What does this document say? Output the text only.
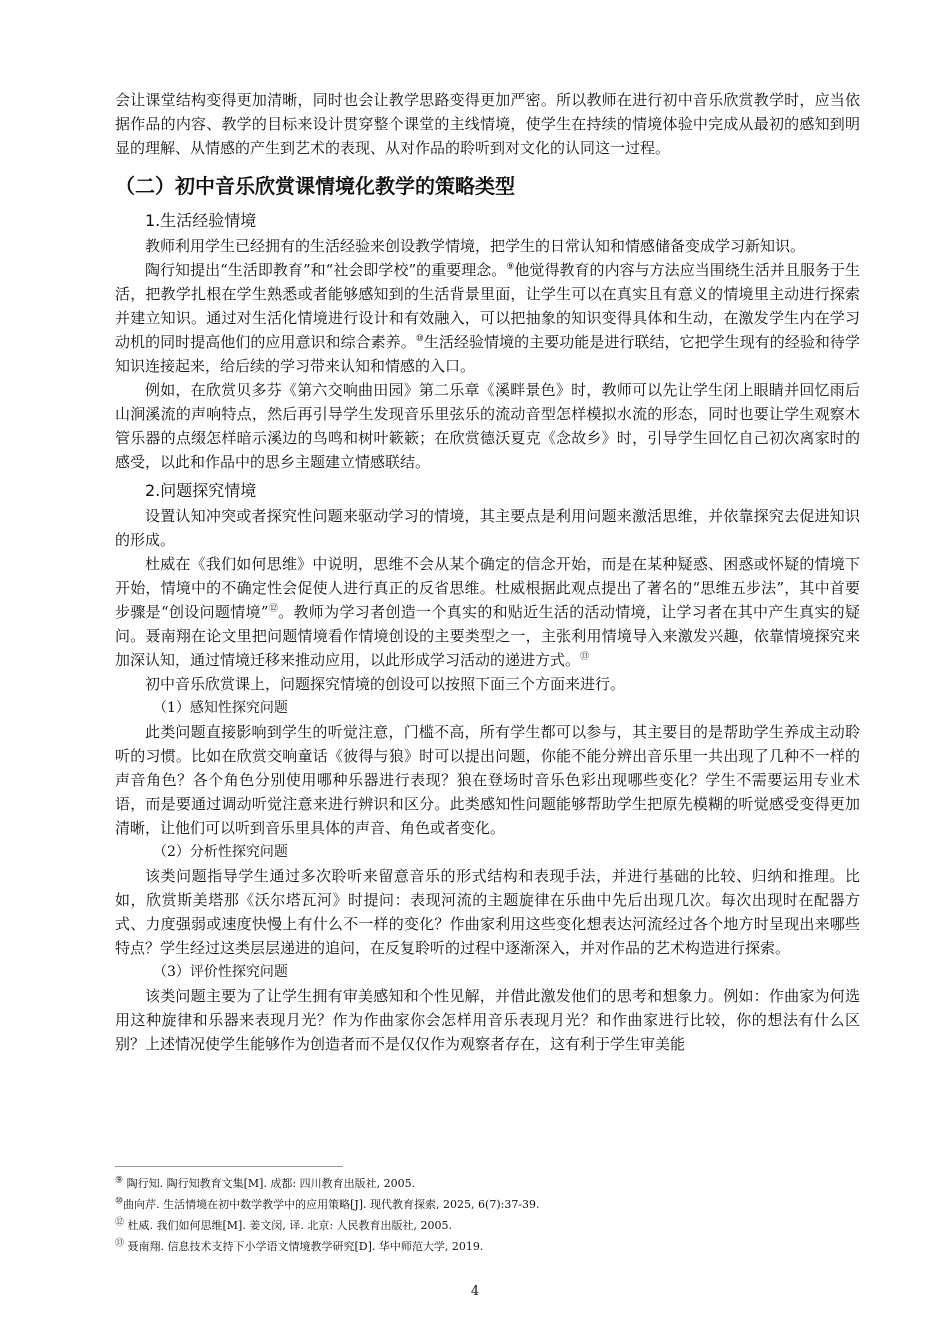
会让课堂结构变得更加清晰，同时也会让教学思路变得更加严密。所以教师在进行初中音乐欣赏教学时，应当依据作品的内容、教学的目标来设计贯穿整个课堂的主线情境，使学生在持续的情境体验中完成从最初的感知到明显的理解、从情感的产生到艺术的表现、从对作品的聆听到对文化的认同这一过程。

（二）初中音乐欣赏课情境化教学的策略类型
1.生活经验情境

教师利用学生已经拥有的生活经验来创设教学情境，把学生的日常认知和情感储备变成学习新知识。

陶行知提出“生活即教育”和“社会即学校”的重要理念。⑨他觉得教育的内容与方法应当围绕生活并且服务于生活，把教学扎根在学生熟悉或者能够感知到的生活背景里面，让学生可以在真实且有意义的情境里主动进行探索并建立知识。通过对生活化情境进行设计和有效融入，可以把抽象的知识变得具体和生动，在激发学生内在学习动机的同时提高他们的应用意识和综合素养。⑩生活经验情境的主要功能是进行联结，它把学生现有的经验和待学知识连接起来，给后续的学习带来认知和情感的入口。

例如，在欣赏贝多芬《第六交响曲田园》第二乐章《溪畔景色》时，教师可以先让学生闭上眼睛并回忆雨后山涧溪流的声响特点，然后再引导学生发现音乐里弦乐的流动音型怎样模拟水流的形态，同时也要让学生观察木管乐器的点缀怎样暗示溪边的鸟鸣和树叶簌簌；在欣赏德沃夏克《念故乡》时，引导学生回忆自己初次离家时的感受，以此和作品中的思乡主题建立情感联结。

2.问题探究情境

设置认知冲突或者探究性问题来驱动学习的情境，其主要点是利用问题来激活思维，并依靠探究去促进知识的形成。

杜威在《我们如何思维》中说明，思维不会从某个确定的信念开始，而是在某种疑惑、困惑或怀疑的情境下开始，情境中的不确定性会促使人进行真正的反省思维。杜威根据此观点提出了著名的“思维五步法”，其中首要步骤是“创设问题情境”⑫。教师为学习者创造一个真实的和贴近生活的活动情境，让学习者在其中产生真实的疑问。聂南翔在论文里把问题情境看作情境创设的主要类型之一，主张利用情境导入来激发兴趣，依靠情境探究来加深认知，通过情境迁移来推动应用，以此形成学习活动的递进方式。⑬

初中音乐欣赏课上，问题探究情境的创设可以按照下面三个方面来进行。

（1）感知性探究问题

此类问题直接影响到学生的听觉注意，门槛不高，所有学生都可以参与，其主要目的是帮助学生养成主动聆听的习惯。比如在欣赏交响童话《彼得与狼》时可以提出问题，你能不能分辨出音乐里一共出现了几种不一样的声音角色？各个角色分别使用哪种乐器进行表现？狼在登场时音乐色彩出现哪些变化？学生不需要运用专业术语，而是要通过调动听觉注意来进行辨识和区分。此类感知性问题能够帮助学生把原先模糊的听觉感受变得更加清晰，让他们可以听到音乐里具体的声音、角色或者变化。

（2）分析性探究问题

该类问题指导学生通过多次聆听来留意音乐的形式结构和表现手法，并进行基础的比较、归纳和推理。比如，欣赏斯美塔那《沃尔塔瓦河》时提问：表现河流的主题旋律在乐曲中先后出现几次。每次出现时在配器方式、力度强弱或速度快慢上有什么不一样的变化？作曲家利用这些变化想表达河流经过各个地方时呈现出来哪些特点？学生经过这类层层递进的追问，在反复聆听的过程中逐渐深入，并对作品的艺术构造进行探索。

（3）评价性探究问题

该类问题主要为了让学生拥有审美感知和个性见解，并借此激发他们的思考和想象力。例如：作曲家为何选用这种旋律和乐器来表现月光？作为作曲家你会怎样用音乐表现月光？和作曲家进行比较，你的想法有什么区别？上述情况使学生能够作为创造者而不是仅仅作为观察者存在，这有利于学生审美能

⑨ 陶行知. 陶行知教育文集[M]. 成都: 四川教育出版社, 2005.

⑩曲向芹. 生活情境在初中数学教学中的应用策略[J]. 现代教育探索, 2025, 6(7):37-39.

⑫ 杜威. 我们如何思维[M]. 姜文闵, 译. 北京: 人民教育出版社, 2005.

⑬ 聂南翔. 信息技术支持下小学语文情境教学研究[D]. 华中师范大学, 2019.

4
